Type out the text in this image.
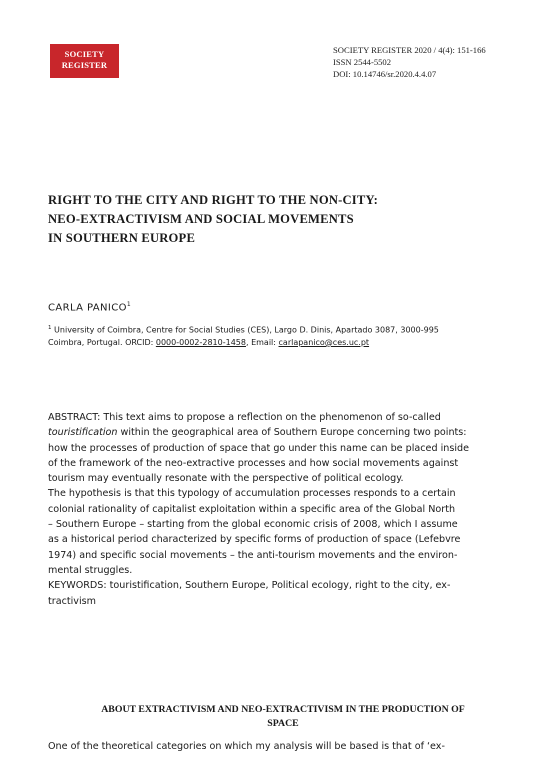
SOCIETY
REGISTER
SOCIETY REGISTER 2020 / 4(4): 151-166
ISSN 2544-5502
DOI: 10.14746/sr.2020.4.4.07
RIGHT TO THE CITY AND RIGHT TO THE NON-CITY:
NEO-EXTRACTIVISM AND SOCIAL MOVEMENTS
IN SOUTHERN EUROPE
CARLA PANICO$^1$
$^1$ University of Coimbra, Centre for Social Studies (CES), Largo D. Dinis, Apartado 3087, 3000-995
Coimbra, Portugal. ORCID: 0000-0002-2810-1458, Email: carlapanico@ces.uc.pt
ABSTRACT: This text aims to propose a reflection on the phenomenon of so-called
touristification within the geographical area of Southern Europe concerning two points:
how the processes of production of space that go under this name can be placed inside
of the framework of the neo-extractive processes and how social movements against
tourism may eventually resonate with the perspective of political ecology.
The hypothesis is that this typology of accumulation processes responds to a certain
colonial rationality of capitalist exploitation within a specific area of the Global North
– Southern Europe – starting from the global economic crisis of 2008, which I assume
as a historical period characterized by specific forms of production of space (Lefebvre
1974) and specific social movements – the anti-tourism movements and the environ-
mental struggles.
KEYWORDS: touristification, Southern Europe, Political ecology, right to the city, ex-
tractivism
ABOUT EXTRACTIVISM AND NEO-EXTRACTIVISM IN THE PRODUCTION OF
SPACE
One of the theoretical categories on which my analysis will be based is that of ‘ex-
